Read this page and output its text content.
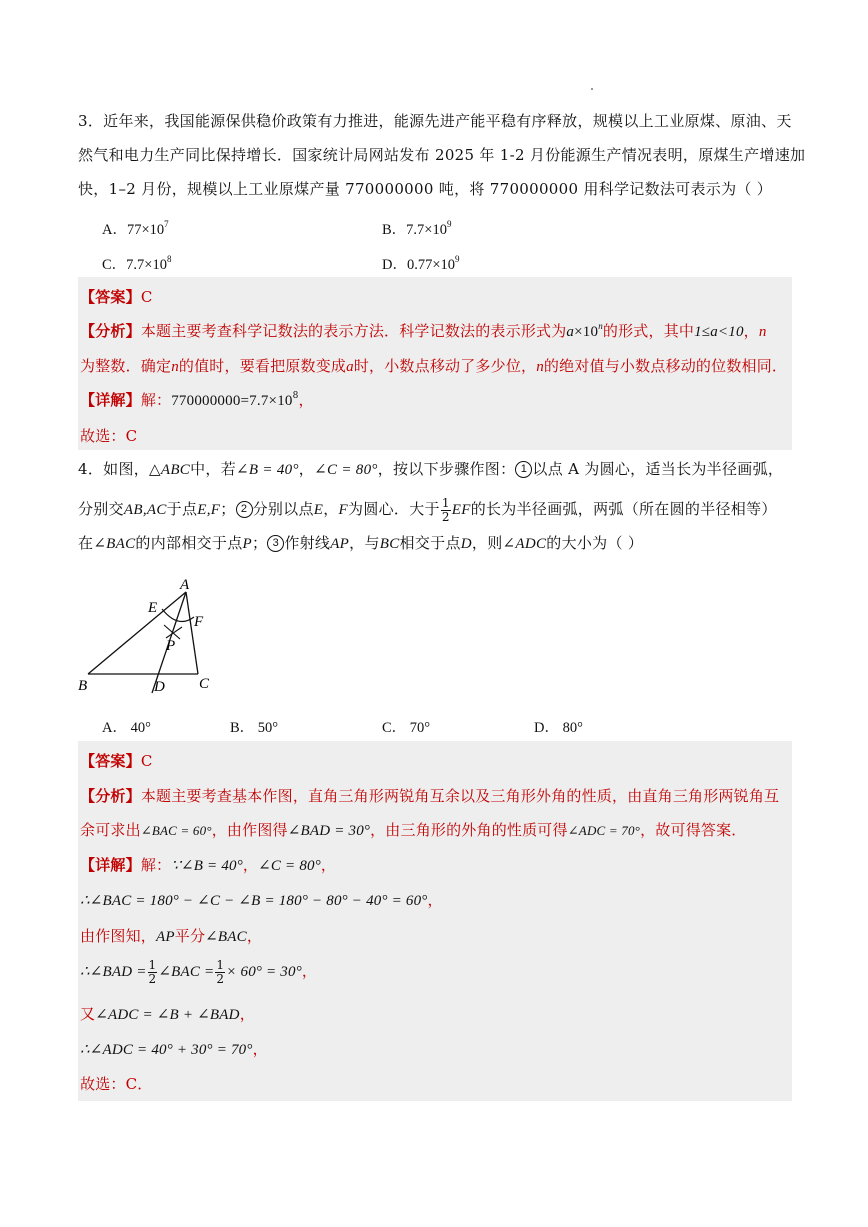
3．近年来，我国能源保供稳价政策有力推进，能源先进产能平稳有序释放，规模以上工业原煤、原油、天
然气和电力生产同比保持增长．国家统计局网站发布 2025 年 1-2 月份能源生产情况表明，原煤生产增速加
快，1–2 月份，规模以上工业原煤产量 770000000 吨，将 770000000 用科学记数法可表示为（ ）
A．$77\times 10^7$	B．$7.7\times 10^9$
C．$7.7\times 10^8$	D．$0.77\times 10^9$
【答案】C
【分析】本题主要考查科学记数法的表示方法．科学记数法的表示形式为$a\times 10^n$的形式，其中1≤a<10，n
为整数．确定n的值时，要看把原数变成a时，小数点移动了多少位，n的绝对值与小数点移动的位数相同．
【详解】解：$770000000=7.7\times 10^8$，
故选：C
4．如图，△ABC中，若∠B = 40°，∠C = 80°，按以下步骤作图： 1 以点 A 为圆心，适当长为半径画弧，
分别交AB,AC于点E,F； 2 分别以点E，F为圆心．大于 $\frac{1}{2}$ EF的长为半径画弧，两弧（所在圆的半径相等）
在∠BAC的内部相交于点P； 3 作射线AP，与BC相交于点D，则∠ADC的大小为（ ）
A
B	C
D
E
F
P
A． 40°	B． 50°	C． 70°	D． 80°
【答案】C
【分析】本题主要考查基本作图，直角三角形两锐角互余以及三角形外角的性质，由直角三角形两锐角互
余可求出∠BAC = 60°，由作图得∠BAD = 30°，由三角形的外角的性质可得∠ADC = 70°，故可得答案．
【详解】解：∵∠B = 40°，∠C = 80°，
∴∠BAC = 180° − ∠C − ∠B = 180° − 80° − 40° = 60°，
由作图知，AP平分∠BAC，
∴∠BAD = $\frac{1}{2}$ ∠BAC = $\frac{1}{2} \times 60^\circ = 30^\circ$，
又∠ADC = ∠B + ∠BAD，
∴∠ADC = 40° + 30° = 70°，
故选：C．
